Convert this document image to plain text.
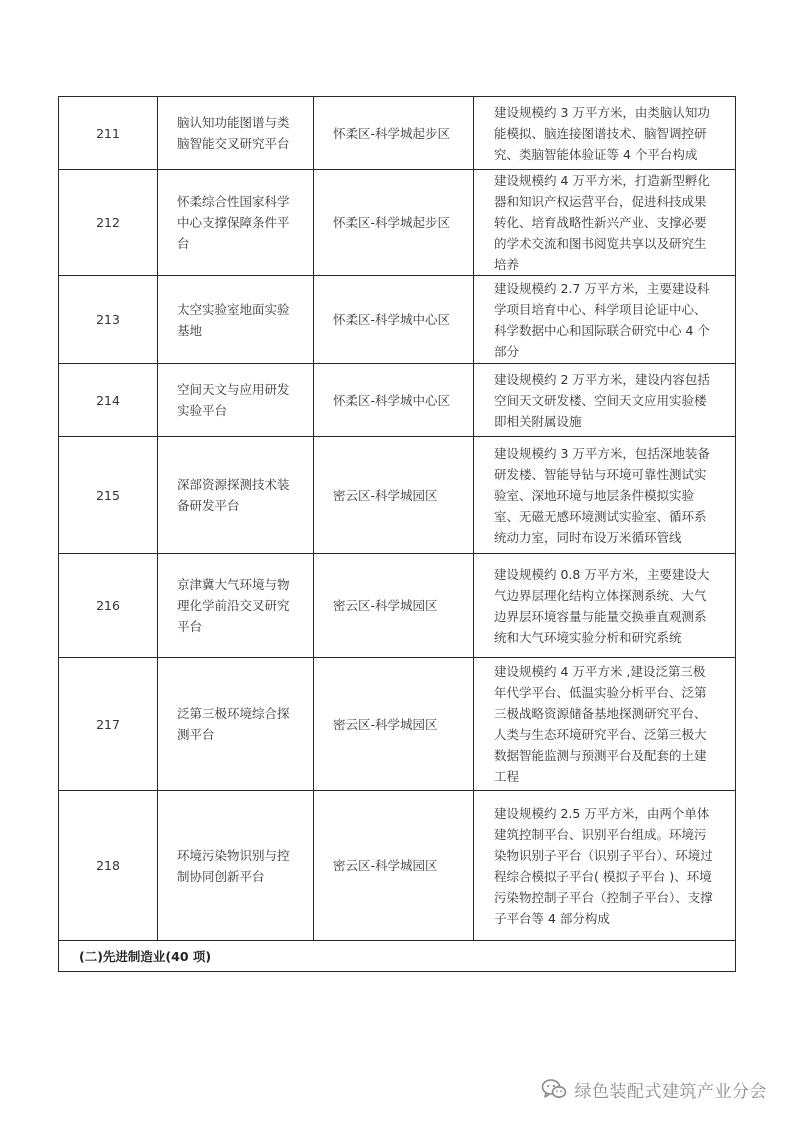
211	脑认知功能图谱与类脑智能交叉研究平台	怀柔区-科学城起步区	建设规模约 3 万平方米，由类脑认知功能模拟、脑连接图谱技术、脑智调控研究、类脑智能体验证等 4 个平台构成

212	怀柔综合性国家科学中心支撑保障条件平台	怀柔区-科学城起步区	建设规模约 4 万平方米，打造新型孵化器和知识产权运营平台，促进科技成果转化、培育战略性新兴产业、支撑必要的学术交流和图书阅览共享以及研究生培养

213	太空实验室地面实验基地	怀柔区-科学城中心区	建设规模约 2.7 万平方米，主要建设科学项目培育中心、科学项目论证中心、科学数据中心和国际联合研究中心 4 个部分

214	空间天文与应用研发实验平台	怀柔区-科学城中心区	建设规模约 2 万平方米，建设内容包括空间天文研发楼、空间天文应用实验楼即相关附属设施

215	深部资源探测技术装备研发平台	密云区-科学城园区	建设规模约 3 万平方米，包括深地装备研发楼、智能导钻与环境可靠性测试实验室、深地环境与地层条件模拟实验室、无磁无感环境测试实验室、循环系统动力室，同时布设万米循环管线

216	京津冀大气环境与物理化学前沿交叉研究平台	密云区-科学城园区	建设规模约 0.8 万平方米，主要建设大气边界层理化结构立体探测系统、大气边界层环境容量与能量交换垂直观测系统和大气环境实验分析和研究系统

217	泛第三极环境综合探测平台	密云区-科学城园区	建设规模约 4 万平方米 ,建设泛第三极年代学平台、低温实验分析平台、泛第三极战略资源储备基地探测研究平台、人类与生态环境研究平台、泛第三极大数据智能监测与预测平台及配套的土建工程

218	环境污染物识别与控制协同创新平台	密云区-科学城园区	建设规模约 2.5 万平方米，由两个单体建筑控制平台、识别平台组成。环境污染物识别子平台（识别子平台）、环境过程综合模拟子平台( 模拟子平台 )、环境污染物控制子平台（控制子平台）、支撑子平台等 4 部分构成

(二)先进制造业(40 项)			
绿色装配式建筑产业分会
